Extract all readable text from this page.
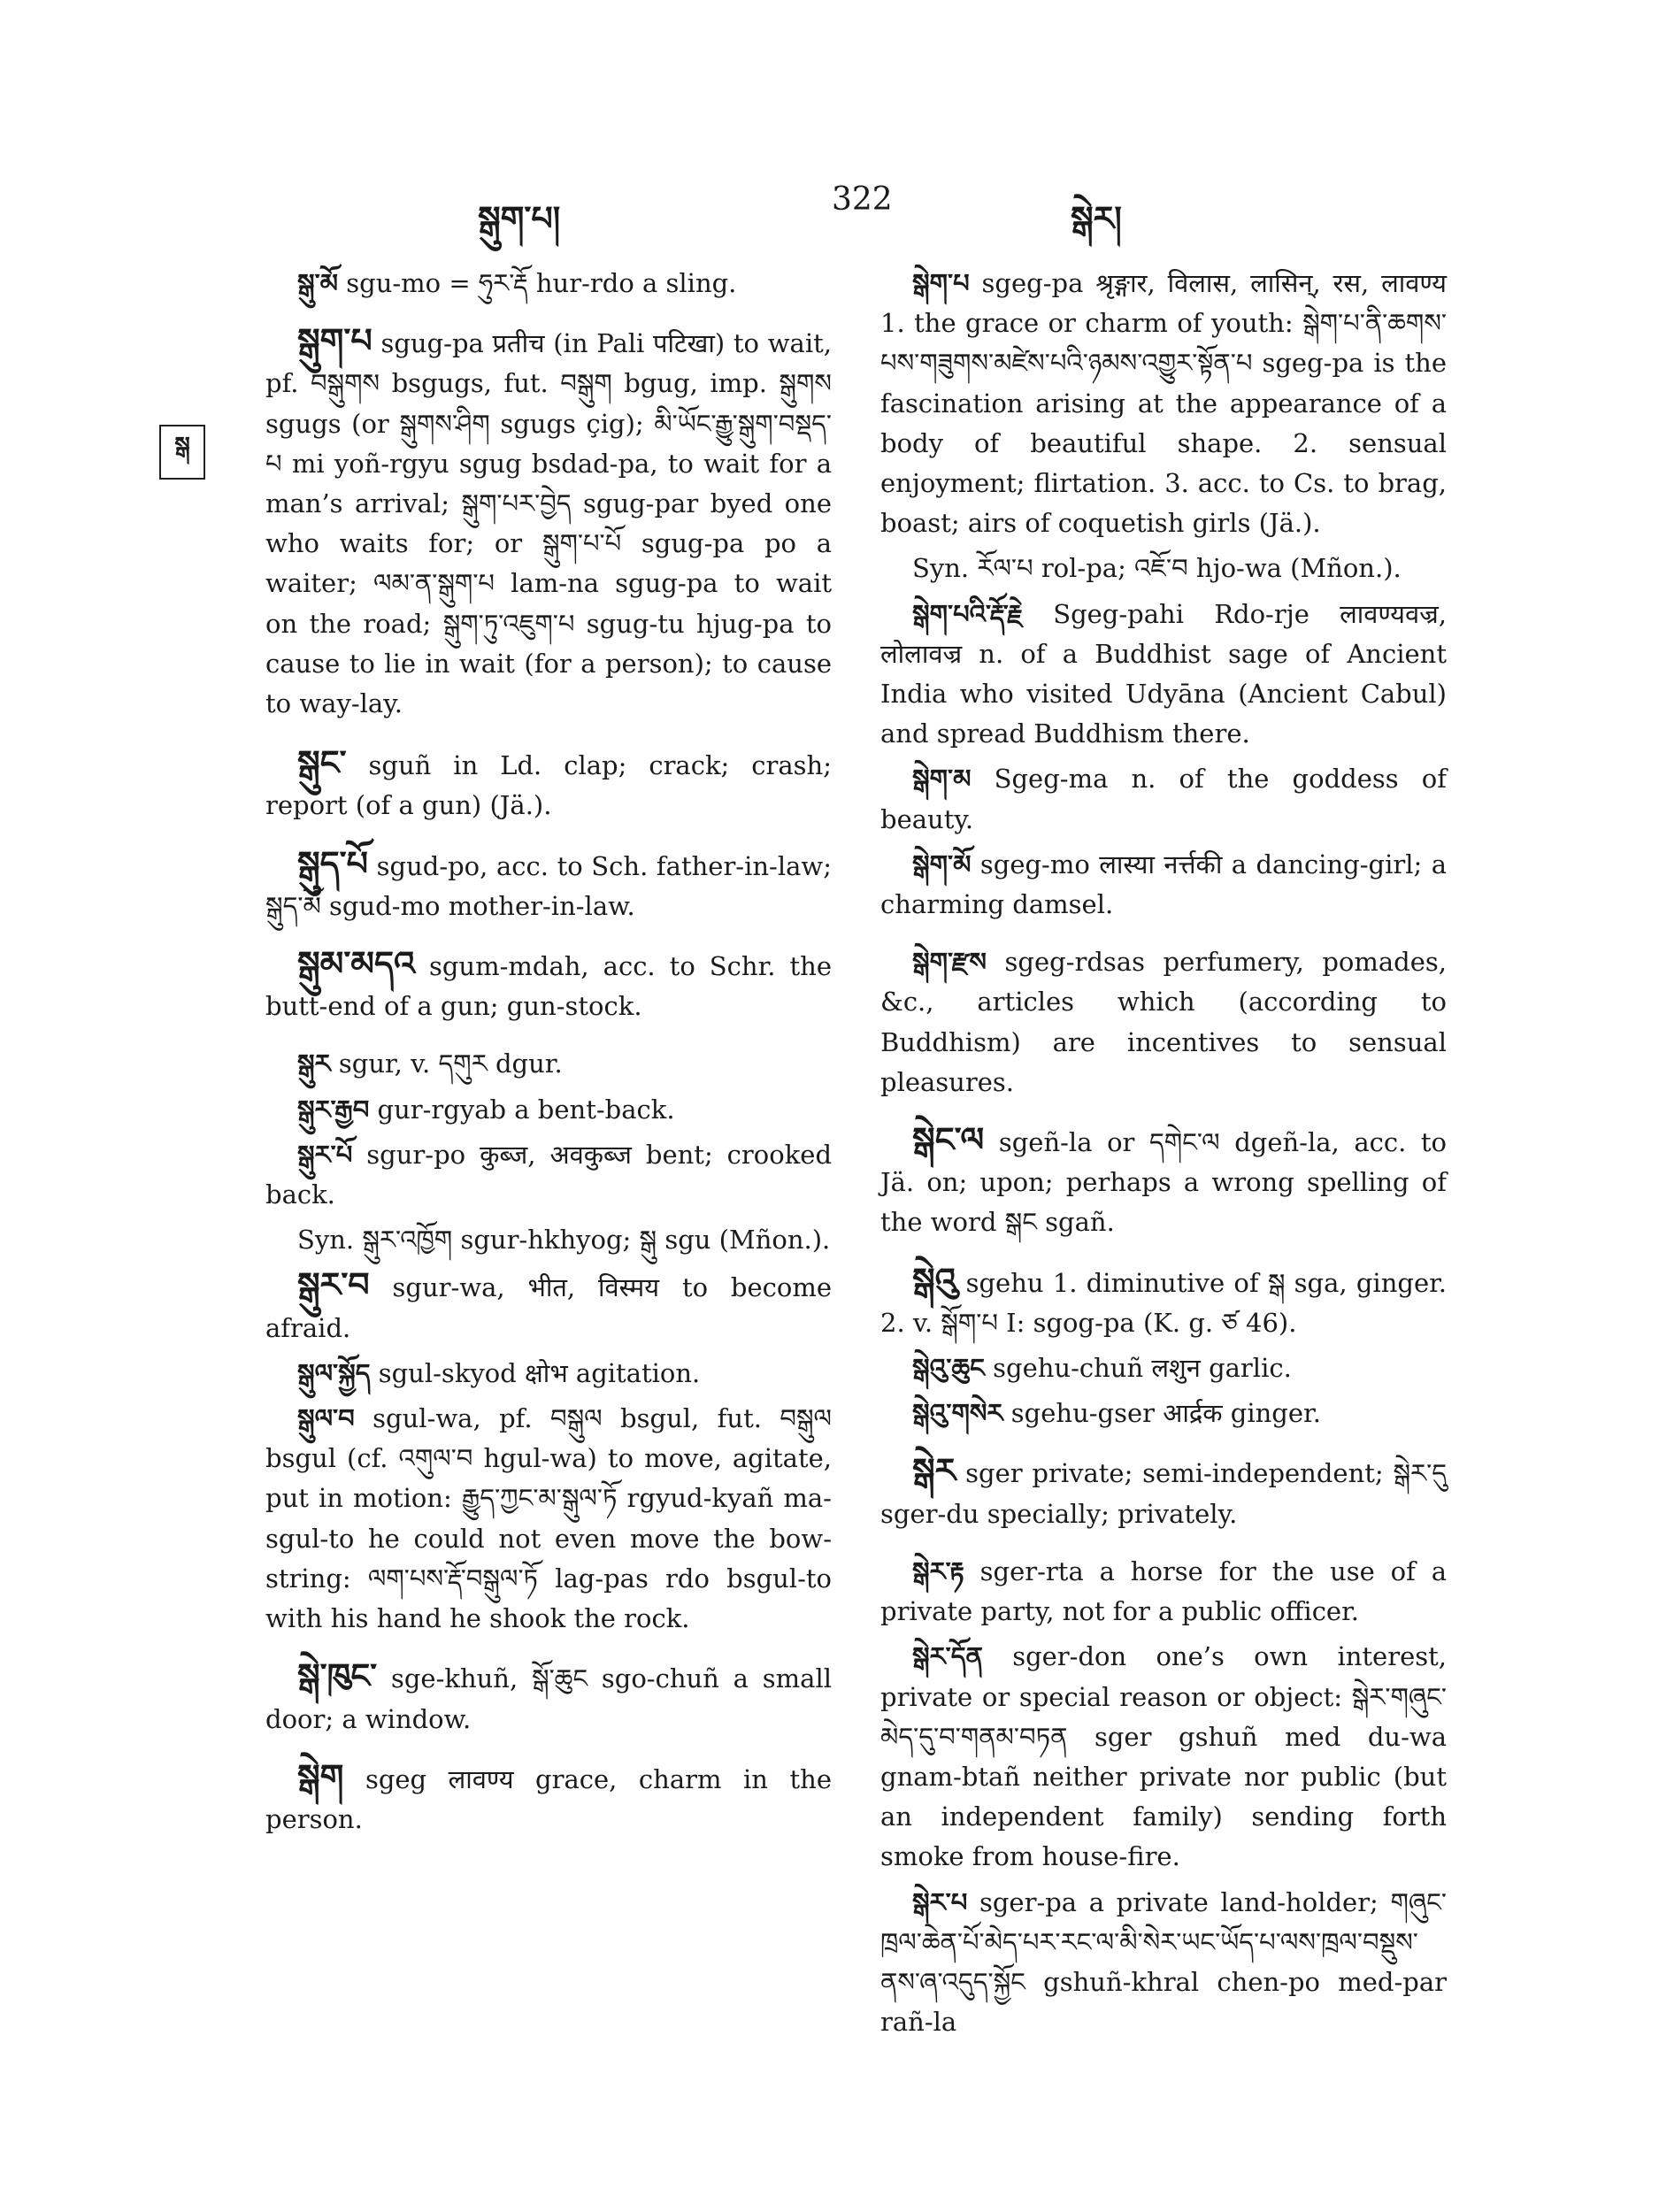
སྒུག་པ།	322	སྒེར།
སྒ

སྒུ་མོ sgu-mo = ཧུར་རྡོ hur-rdo a sling.

སྒུག་པ sgug-pa प्रतीच (in Pali पटिखा) to wait, pf. བསྒུགས bsgugs, fut. བསྒུག bgug, imp. སྒུགས sgugs (or སྒུགས་ཤིག sgugs çig); མི་ཡོང་རྒྱུ་སྒུག་བསྡད་པ mi yoñ-rgyu sgug bsdad-pa, to wait for a man’s arrival; སྒུག་པར་བྱེད sgug-par byed one who waits for; or སྒུག་པ་པོ sgug-pa po a waiter; ལམ་ན་སྒུག་པ lam-na sgug-pa to wait on the road; སྒུག་ཏུ་འཇུག་པ sgug-tu hjug-pa to cause to lie in wait (for a person); to cause to way-lay.

སྒུང་ sguñ in Ld. clap; crack; crash; report (of a gun) (Jä.).

སྒུད་པོ sgud-po, acc. to Sch. father-in-law; སྒུད་མོ sgud-mo mother-in-law.

སྒུམ་མདའ sgum-mdah, acc. to Schr. the butt-end of a gun; gun-stock.

སྒུར sgur, v. དགུར dgur.

སྒུར་རྒྱབ gur-rgyab a bent-back.

སྒུར་པོ sgur-po कुब्ज, अवकुब्ज bent; crooked back.

Syn. སྒུར་འཁྱོག sgur-hkhyog; སྒུ sgu (Mñon.).

སྒུར་བ sgur-wa, भीत, विस्मय to become afraid.

སྒུལ་སྐྱོད sgul-skyod क्षोभ agitation.

སྒུལ་བ sgul-wa, pf. བསྒུལ bsgul, fut. བསྒུལ bsgul (cf. འགུལ་བ hgul-wa) to move, agitate, put in motion: རྒྱུད་ཀྱང་མ་སྒུལ་ཏོ rgyud-kyañ ma-sgul-to he could not even move the bow-string: ལག་པས་རྡོ་བསྒུལ་ཏོ lag-pas rdo bsgul-to with his hand he shook the rock.

སྒེ་ཁུང་ sge-khuñ, སྒོ་ཆུང sgo-chuñ a small door; a window.

སྒེག sgeg लावण्य grace, charm in the person.

སྒེག་པ sgeg-pa श्रृङ्गार, विलास, लासिन्, रस, लावण्य 1. the grace or charm of youth: སྒེག་པ་ནི་ཆགས་པས་གཟུགས་མཛེས་པའི་ཉམས་འགྱུར་སྟོན་པ sgeg-pa is the fascination arising at the appearance of a body of beautiful shape. 2. sensual enjoyment; flirtation. 3. acc. to Cs. to brag, boast; airs of coquetish girls (Jä.).

Syn. རོལ་པ rol-pa; འཇོ་བ hjo-wa (Mñon.).

སྒེག་པའི་རྡོ་རྗེ Sgeg-pahi Rdo-rje लावण्यवज्र, लोलावज्र n. of a Buddhist sage of Ancient India who visited Udyāna (Ancient Cabul) and spread Buddhism there.

སྒེག་མ Sgeg-ma n. of the goddess of beauty.

སྒེག་མོ sgeg-mo लास्या नर्त्तकी a dancing-girl; a charming damsel.

སྒེག་རྫས sgeg-rdsas perfumery, pomades, &c., articles which (according to Buddhism) are incentives to sensual pleasures.

སྒེང་ལ sgeñ-la or དགེང་ལ dgeñ-la, acc. to Jä. on; upon; perhaps a wrong spelling of the word སྒང sgañ.

སྒེའུ sgehu 1. diminutive of སྒ sga, ginger. 2. v. སྒོག་པ I: sgog-pa (K. g. ཙ 46).

སྒེའུ་ཆུང sgehu-chuñ लशुन garlic.

སྒེའུ་གསེར sgehu-gser आर्द्रक ginger.

སྒེར sger private; semi-independent; སྒེར་དུ sger-du specially; privately.

སྒེར་རྟ sger-rta a horse for the use of a private party, not for a public officer.

སྒེར་དོན sger-don one’s own interest, private or special reason or object: སྒེར་གཞུང་མེད་དུ་བ་གནམ་བཏན sger gshuñ med du-wa gnam-btañ neither private nor public (but an independent family) sending forth smoke from house-fire.

སྒེར་པ sger-pa a private land-holder; གཞུང་ཁྲལ་ཆེན་པོ་མེད་པར་རང་ལ་མི་སེར་ཡང་ཡོད་པ་ལས་ཁྲལ་བསྡུས་ནས་ཞ་འདུད་སྐྱོང gshuñ-khral chen-po med-par rañ-la
